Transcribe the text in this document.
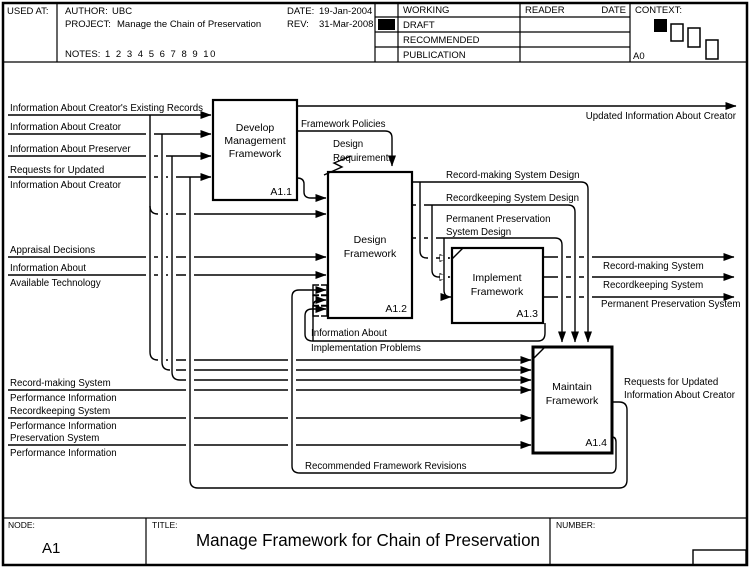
USED AT: AUTHOR: UBC
PROJECT: Manage the Chain of Preservation
NOTES: 1 2 3 4 5 6 7 8 9 10
DATE: 19-Jan-2004
REV: 31-Mar-2008
WORKING
DRAFT
RECOMMENDED
PUBLICATION
READER	DATE CONTEXT:
A0
Develop
Management
Framework
A1.1
Design
Framework
A1.2
Implement
Framework
A1.3
Maintain
Framework
A1.4
Information About Creator's Existing Records
Information About Creator
Information About Preserver
Requests for Updated
Information About Creator
Appraisal Decisions
Information About
Available Technology
Record-making System
Performance Information
Recordkeeping System
Performance Information
Preservation System
Performance Information
Updated Information About Creator
Framework Policies
Design
Requirements
Record-making System Design
Recordkeeping System Design
Permanent Preservation
System Design
Record-making System
Recordkeeping System
Permanent Preservation System
Requests for Updated
Information About Creator
Information About
Implementation Problems
Recommended Framework Revisions
NODE:
A1
TITLE:
Manage Framework for Chain of Preservation
NUMBER:
